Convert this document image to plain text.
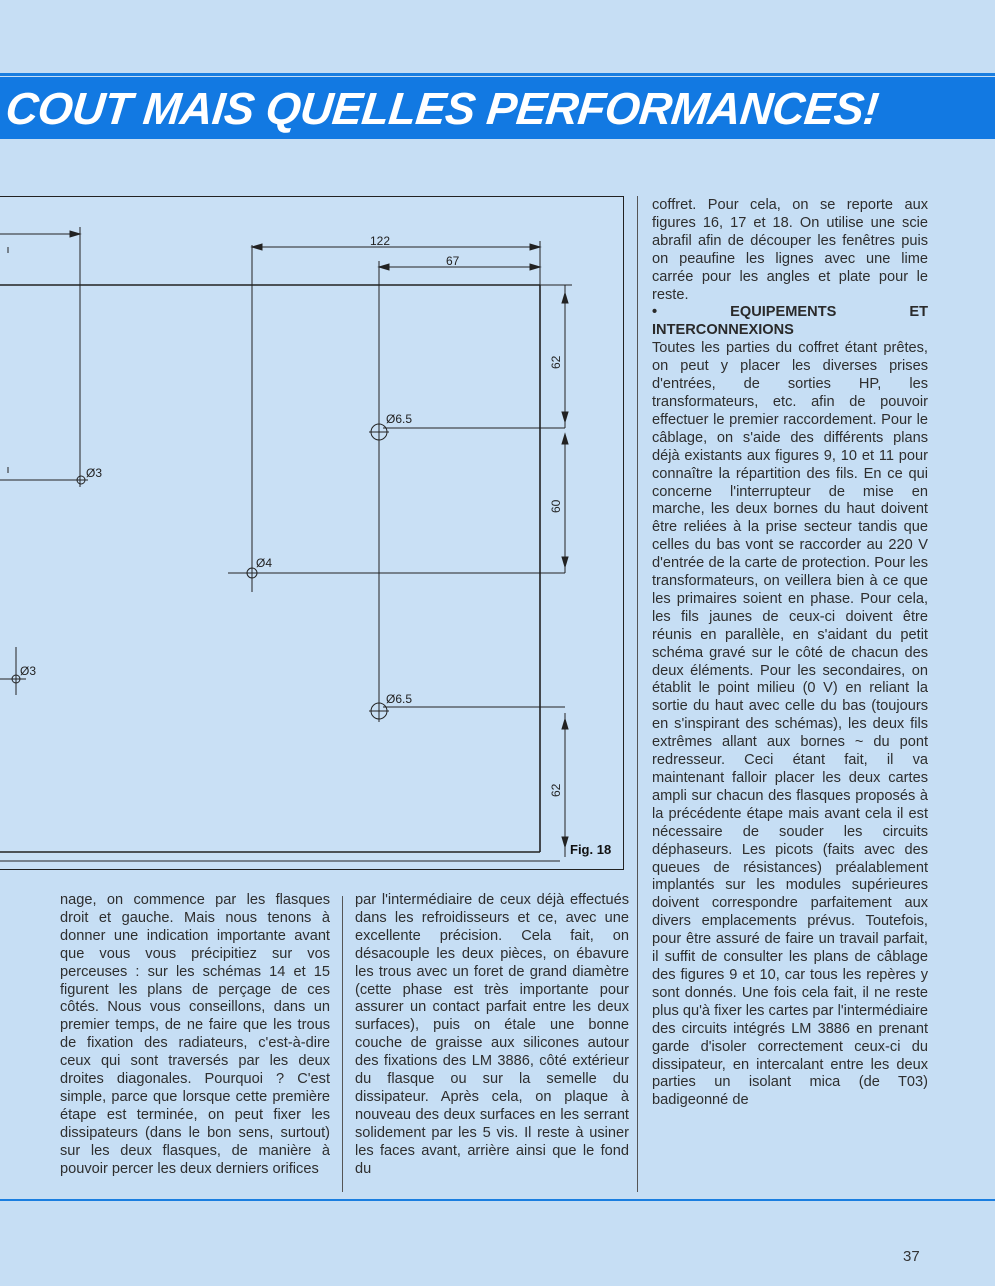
COUT MAIS QUELLES PERFORMANCES!
122
67
62
60
62
Ø6.5
Ø3
Ø4
Ø3
Ø6.5
Fig. 18

nage, on commence par les flasques droit et gauche. Mais nous tenons à donner une indication importante avant que vous vous précipitiez sur vos perceuses : sur les schémas 14 et 15 figurent les plans de perçage de ces côtés. Nous vous conseillons, dans un premier temps, de ne faire que les trous de fixation des radiateurs, c'est-à-dire ceux qui sont traversés par les deux droites diagonales. Pourquoi ? C'est simple, parce que lorsque cette première étape est terminée, on peut fixer les dissipateurs (dans le bon sens, surtout) sur les deux flasques, de manière à pouvoir percer les deux derniers orifices

par l'intermédiaire de ceux déjà effectués dans les refroidisseurs et ce, avec une excellente précision. Cela fait, on désacouple les deux pièces, on ébavure les trous avec un foret de grand diamètre (cette phase est très importante pour assurer un contact parfait entre les deux surfaces), puis on étale une bonne couche de graisse aux silicones autour des fixations des LM 3886, côté extérieur du flasque ou sur la semelle du dissipateur. Après cela, on plaque à nouveau des deux surfaces en les serrant solidement par les 5 vis. Il reste à usiner les faces avant, arrière ainsi que le fond du

coffret. Pour cela, on se reporte aux figures 16, 17 et 18. On utilise une scie abrafil afin de découper les fenêtres puis on peaufine les lignes avec une lime carrée pour les angles et plate pour le reste.

• EQUIPEMENTS ET INTERCONNEXIONS

Toutes les parties du coffret étant prêtes, on peut y placer les diverses prises d'entrées, de sorties HP, les transformateurs, etc. afin de pouvoir effectuer le premier raccordement. Pour le câblage, on s'aide des différents plans déjà existants aux figures 9, 10 et 11 pour connaître la répartition des fils. En ce qui concerne l'interrupteur de mise en marche, les deux bornes du haut doivent être reliées à la prise secteur tandis que celles du bas vont se raccorder au 220 V d'entrée de la carte de protection. Pour les transformateurs, on veillera bien à ce que les primaires soient en phase. Pour cela, les fils jaunes de ceux-ci doivent être réunis en parallèle, en s'aidant du petit schéma gravé sur le côté de chacun des deux éléments. Pour les secondaires, on établit le point milieu (0 V) en reliant la sortie du haut avec celle du bas (toujours en s'inspirant des schémas), les deux fils extrêmes allant aux bornes ~ du pont redresseur. Ceci étant fait, il va maintenant falloir placer les deux cartes ampli sur chacun des flasques proposés à la précédente étape mais avant cela il est nécessaire de souder les circuits déphaseurs. Les picots (faits avec des queues de résistances) préalablement implantés sur les modules supérieures doivent correspondre parfaitement aux divers emplacements prévus. Toutefois, pour être assuré de faire un travail parfait, il suffit de consulter les plans de câblage des figures 9 et 10, car tous les repères y sont donnés. Une fois cela fait, il ne reste plus qu'à fixer les cartes par l'intermédiaire des circuits intégrés LM 3886 en prenant garde d'isoler correctement ceux-ci du dissipateur, en intercalant entre les deux parties un isolant mica (de T03) badigeonné de

37
